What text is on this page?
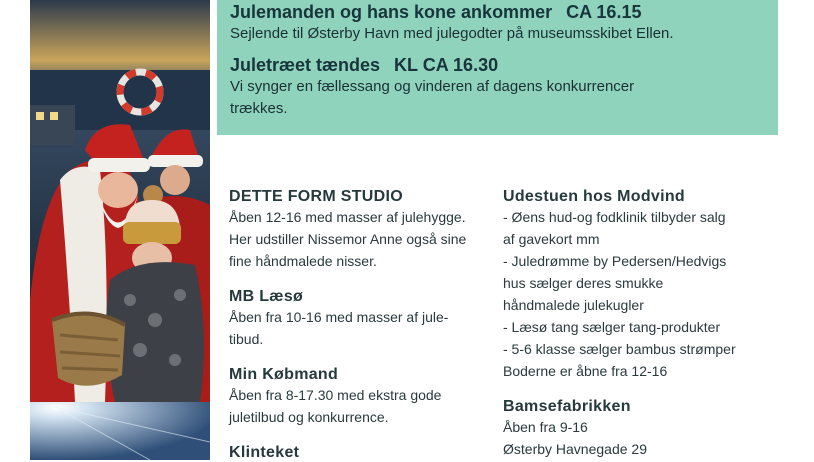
Julemanden og hans kone ankommer CA 16.15
Sejlende til Østerby Havn med julegodter på museumsskibet Ellen.
Juletræet tændes KL CA 16.30
Vi synger en fællessang og vinderen af dagens konkurrencer
trækkes.
DETTE FORM STUDIO
Åben 12-16 med masser af julehygge.
Her udstiller Nissemor Anne også sine
fine håndmalede nisser.
MB Læsø
Åben fra 10-16 med masser af jule-
tibud.
Min Købmand
Åben fra 8-17.30 med ekstra gode
juletilbud og konkurrence.
Klinteket
Udestuen hos Modvind
- Øens hud-og fodklinik tilbyder salg
af gavekort mm
- Juledrømme by Pedersen/Hedvigs
hus sælger deres smukke
håndmalede julekugler
- Læsø tang sælger tang-produkter
- 5-6 klasse sælger bambus strømper
Boderne er åbne fra 12-16
Bamsefabrikken
Åben fra 9-16
Østerby Havnegade 29
